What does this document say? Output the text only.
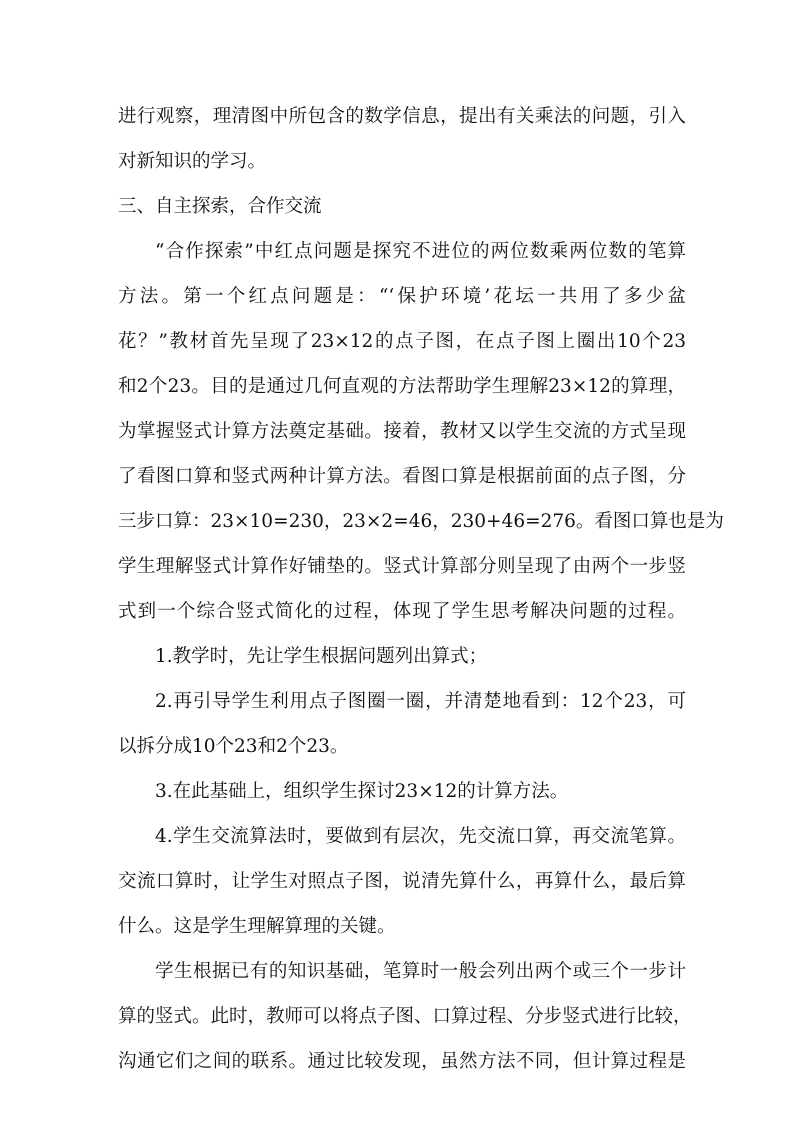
进行观察，理清图中所包含的数学信息，提出有关乘法的问题，引入
对新知识的学习。
三、自主探索，合作交流
“合作探索”中红点问题是探究不进位的两位数乘两位数的笔算
方法。第一个红点问题是：“‘保护环境’花坛一共用了多少盆
花？”教材首先呈现了23×12的点子图，在点子图上圈出10个23
和2个23。目的是通过几何直观的方法帮助学生理解23×12的算理，
为掌握竖式计算方法奠定基础。接着，教材又以学生交流的方式呈现
了看图口算和竖式两种计算方法。看图口算是根据前面的点子图，分
三步口算：23×10=230，23×2=46，230+46=276。看图口算也是为
学生理解竖式计算作好铺垫的。竖式计算部分则呈现了由两个一步竖
式到一个综合竖式简化的过程，体现了学生思考解决问题的过程。
1.教学时，先让学生根据问题列出算式；
2.再引导学生利用点子图圈一圈，并清楚地看到：12个23，可
以拆分成10个23和2个23。
3.在此基础上，组织学生探讨23×12的计算方法。
4.学生交流算法时，要做到有层次，先交流口算，再交流笔算。
交流口算时，让学生对照点子图，说清先算什么，再算什么，最后算
什么。这是学生理解算理的关键。
学生根据已有的知识基础，笔算时一般会列出两个或三个一步计
算的竖式。此时，教师可以将点子图、口算过程、分步竖式进行比较，
沟通它们之间的联系。通过比较发现，虽然方法不同，但计算过程是
